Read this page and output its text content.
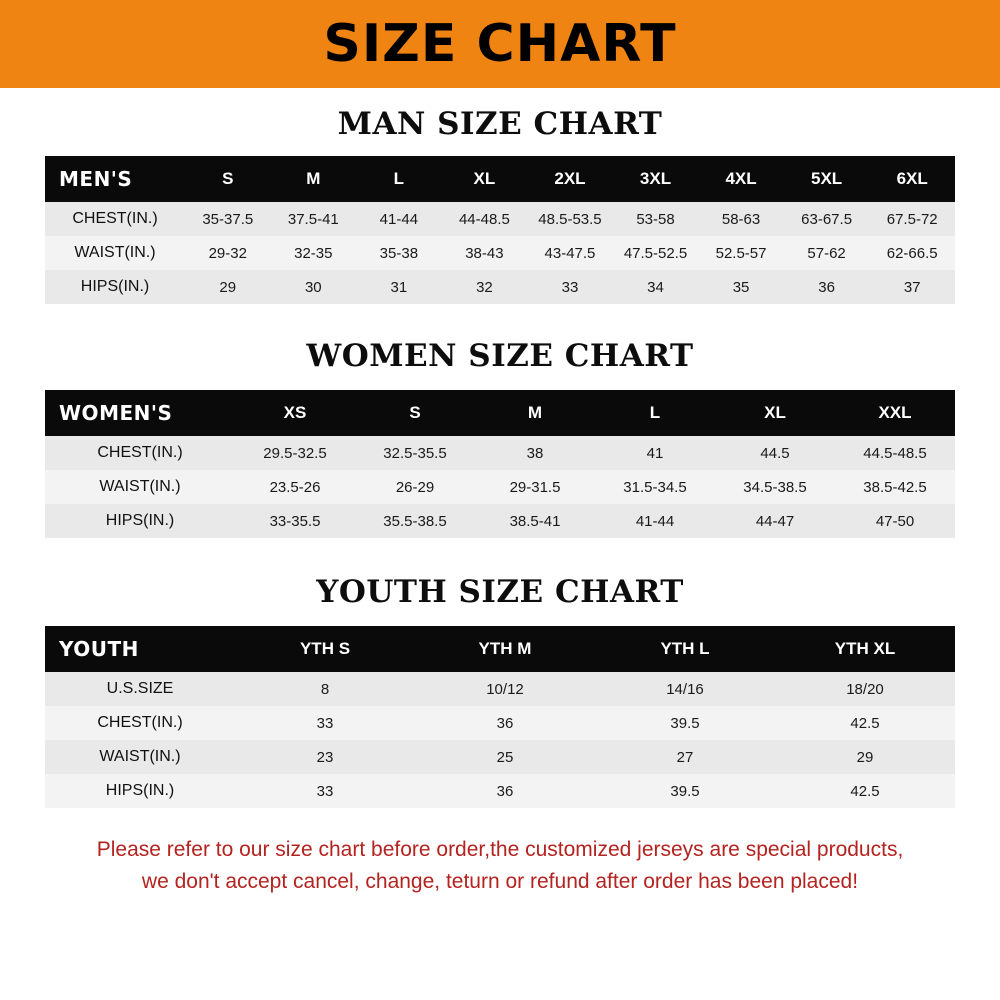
SIZE CHART
MAN SIZE CHART
MEN'S	S	M	L	XL	2XL	3XL	4XL	5XL	6XL
CHEST(IN.)	35-37.5	37.5-41	41-44	44-48.5	48.5-53.5	53-58	58-63	63-67.5	67.5-72
WAIST(IN.)	29-32	32-35	35-38	38-43	43-47.5	47.5-52.5	52.5-57	57-62	62-66.5
HIPS(IN.)	29	30	31	32	33	34	35	36	37
WOMEN SIZE CHART
WOMEN'S	XS	S	M	L	XL	XXL
CHEST(IN.)	29.5-32.5	32.5-35.5	38	41	44.5	44.5-48.5
WAIST(IN.)	23.5-26	26-29	29-31.5	31.5-34.5	34.5-38.5	38.5-42.5
HIPS(IN.)	33-35.5	35.5-38.5	38.5-41	41-44	44-47	47-50
YOUTH SIZE CHART
YOUTH	YTH S	YTH M	YTH L	YTH XL
U.S.SIZE	8	10/12	14/16	18/20
CHEST(IN.)	33	36	39.5	42.5
WAIST(IN.)	23	25	27	29
HIPS(IN.)	33	36	39.5	42.5
Please refer to our size chart before order,the customized jerseys are special products,
we don't accept cancel, change, teturn or refund after order has been placed!
